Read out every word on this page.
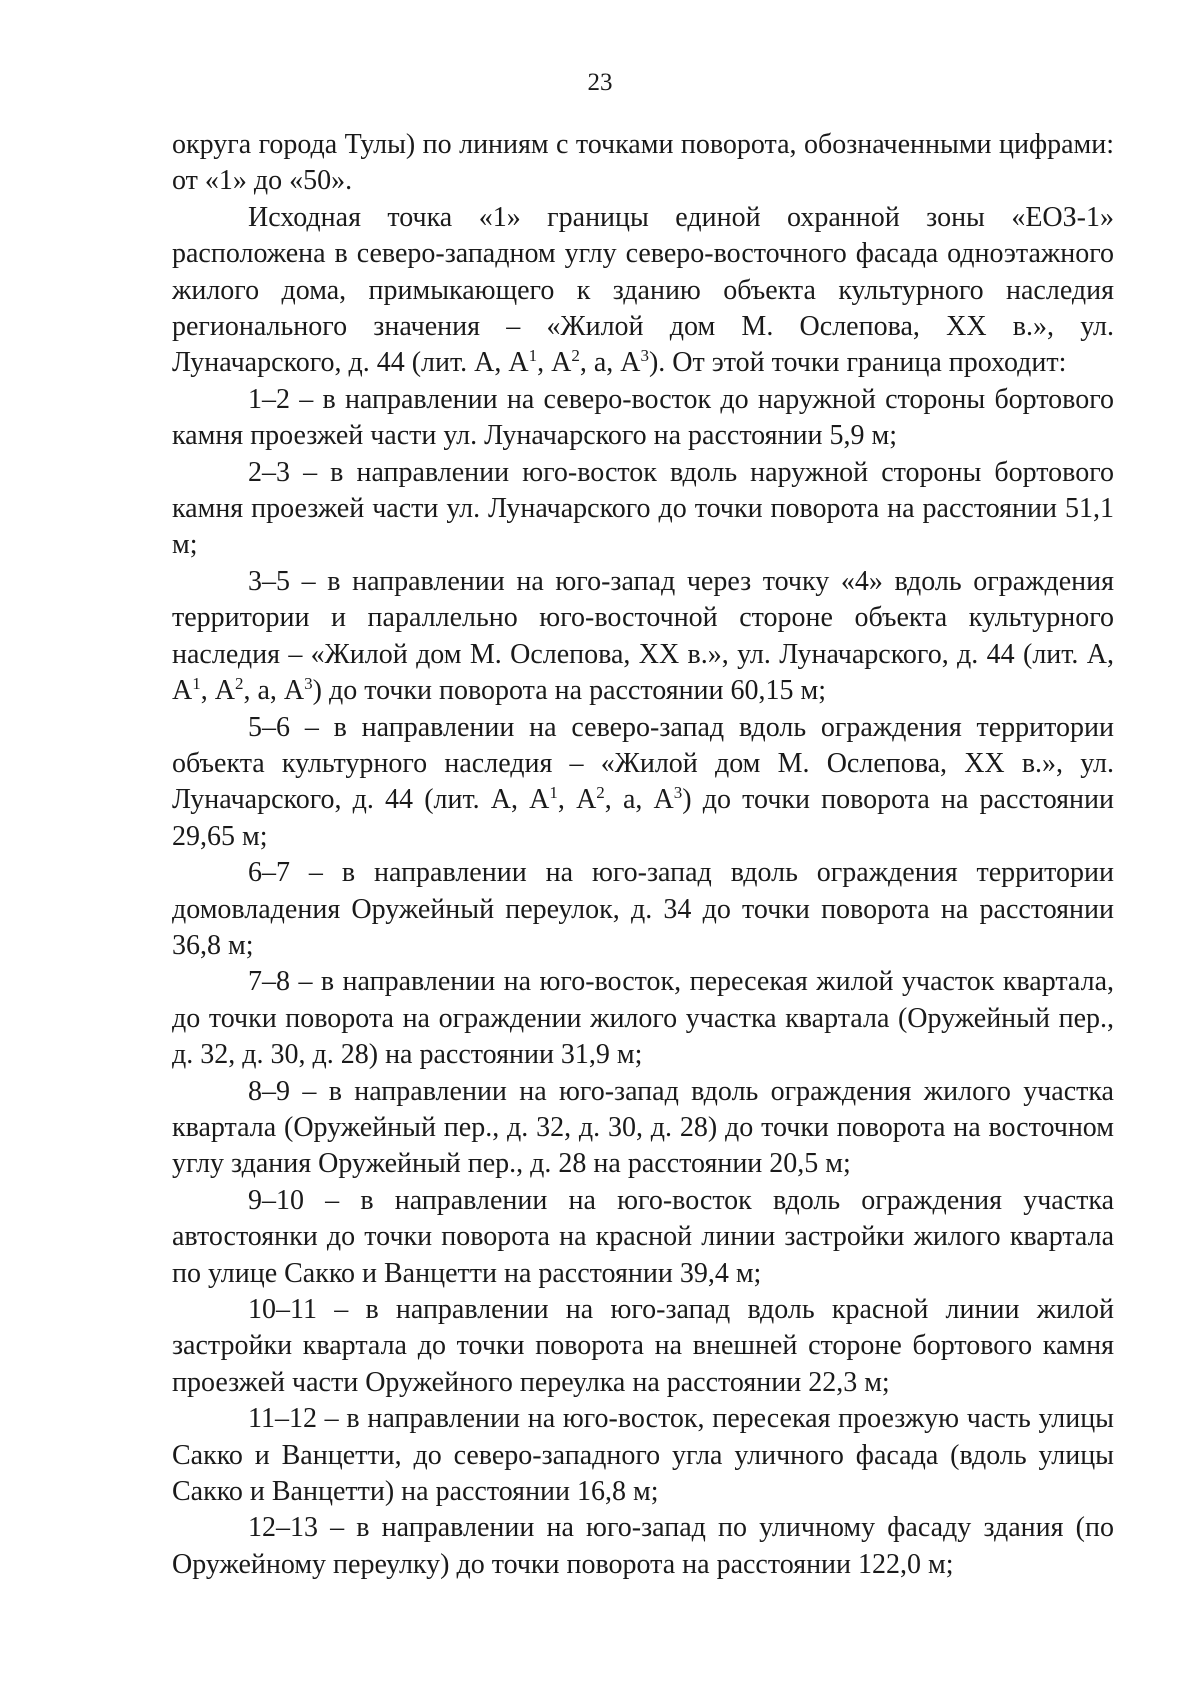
23

округа города Тулы) по линиям с точками поворота, обозначенными цифрами: от «1» до «50».

Исходная точка «1» границы единой охранной зоны «ЕОЗ-1» расположена в северо-западном углу северо-восточного фасада одноэтажного жилого дома, примыкающего к зданию объекта культурного наследия регионального значения – «Жилой дом М. Ослепова, XX в.», ул. Луначарского, д. 44 (лит. А, $А^1$, $А^2$, а, $А^3$). От этой точки граница проходит:

1–2 – в направлении на северо-восток до наружной стороны бортового камня проезжей части ул. Луначарского на расстоянии 5,9 м;

2–3 – в направлении юго-восток вдоль наружной стороны бортового камня проезжей части ул. Луначарского до точки поворота на расстоянии 51,1 м;

3–5 – в направлении на юго-запад через точку «4» вдоль ограждения территории и параллельно юго-восточной стороне объекта культурного наследия – «Жилой дом М. Ослепова, XX в.», ул. Луначарского, д. 44 (лит. А, $А^1$, $А^2$, а, $А^3$) до точки поворота на расстоянии 60,15 м;

5–6 – в направлении на северо-запад вдоль ограждения территории объекта культурного наследия – «Жилой дом М. Ослепова, XX в.», ул. Луначарского, д. 44 (лит. А, $А^1$, $А^2$, а, $А^3$) до точки поворота на расстоянии 29,65 м;

6–7 – в направлении на юго-запад вдоль ограждения территории домовладения Оружейный переулок, д. 34 до точки поворота на расстоянии 36,8 м;

7–8 – в направлении на юго-восток, пересекая жилой участок квартала, до точки поворота на ограждении жилого участка квартала (Оружейный пер., д. 32, д. 30, д. 28) на расстоянии 31,9 м;

8–9 – в направлении на юго-запад вдоль ограждения жилого участка квартала (Оружейный пер., д. 32, д. 30, д. 28) до точки поворота на восточном углу здания Оружейный пер., д. 28 на расстоянии 20,5 м;

9–10 – в направлении на юго-восток вдоль ограждения участка автостоянки до точки поворота на красной линии застройки жилого квартала по улице Сакко и Ванцетти на расстоянии 39,4 м;

10–11 – в направлении на юго-запад вдоль красной линии жилой застройки квартала до точки поворота на внешней стороне бортового камня проезжей части Оружейного переулка на расстоянии 22,3 м;

11–12 – в направлении на юго-восток, пересекая проезжую часть улицы Сакко и Ванцетти, до северо-западного угла уличного фасада (вдоль улицы Сакко и Ванцетти) на расстоянии 16,8 м;

12–13 – в направлении на юго-запад по уличному фасаду здания (по Оружейному переулку) до точки поворота на расстоянии 122,0 м;
